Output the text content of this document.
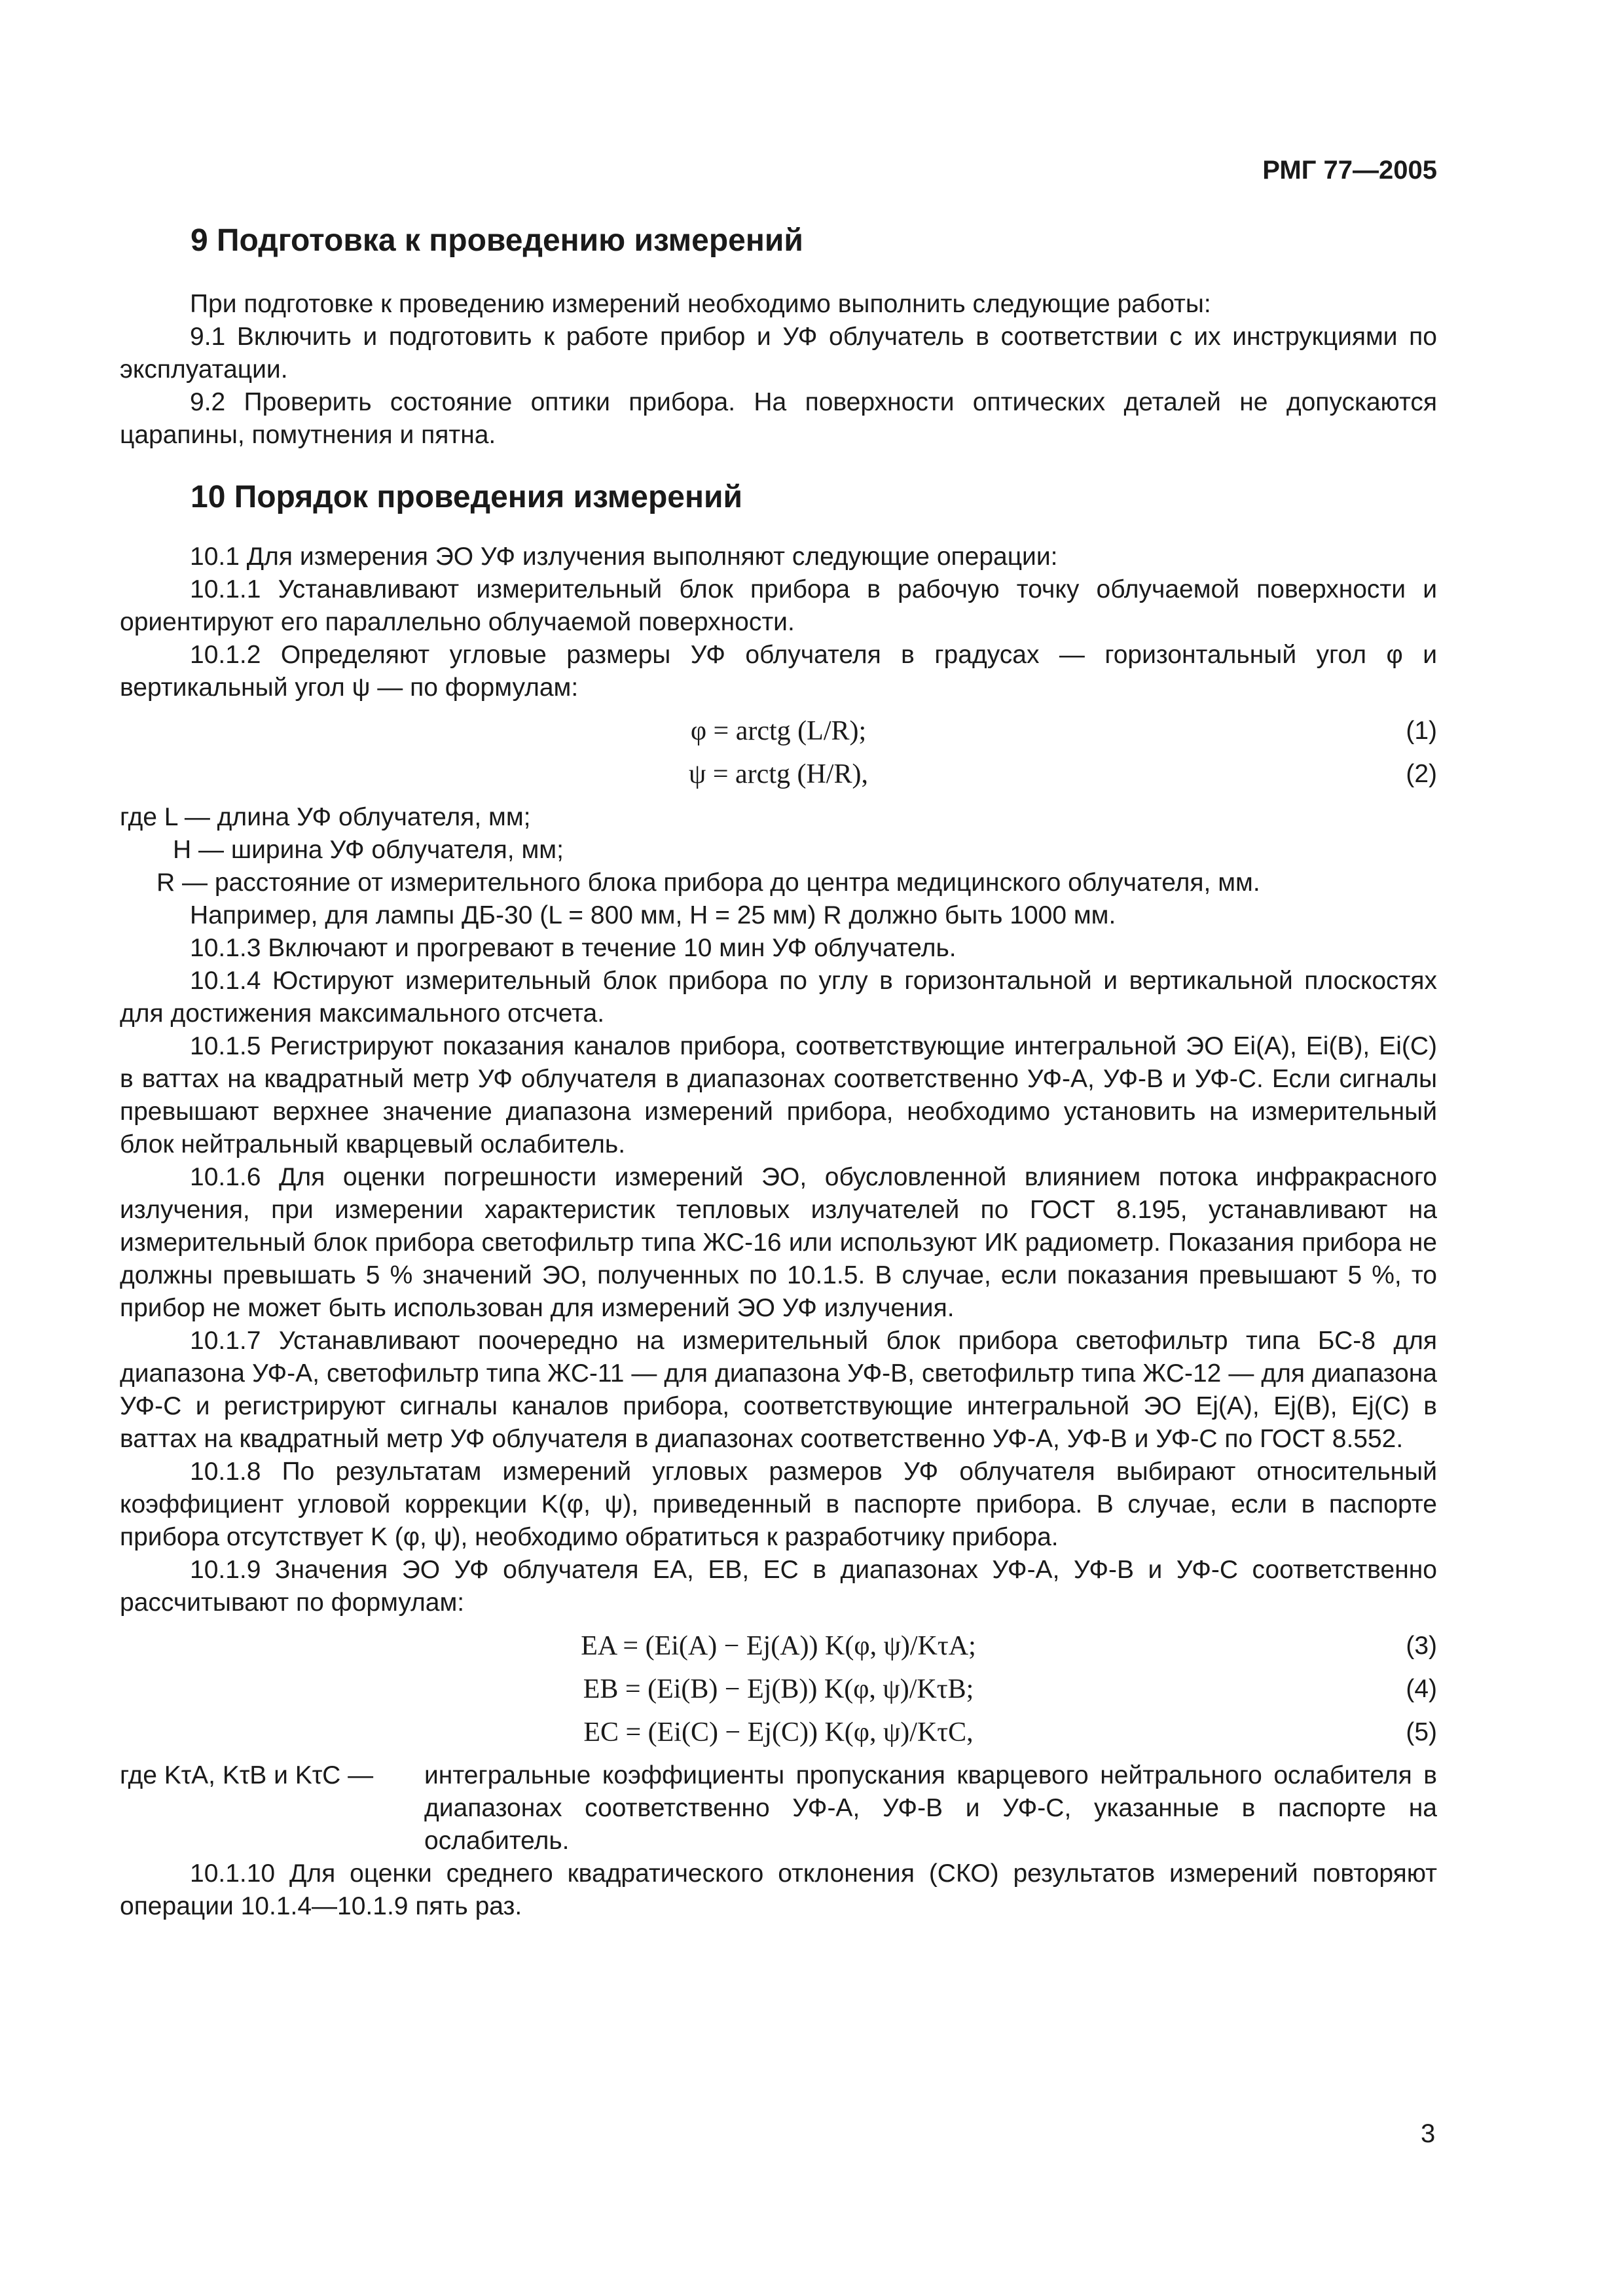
РМГ 77—2005
9 Подготовка к проведению измерений
При подготовке к проведению измерений необходимо выполнить следующие работы:
9.1 Включить и подготовить к работе прибор и УФ облучатель в соответствии с их инструкциями по эксплуатации.
9.2 Проверить состояние оптики прибора. На поверхности оптических деталей не допускаются царапины, помутнения и пятна.
10 Порядок проведения измерений
10.1 Для измерения ЭО УФ излучения выполняют следующие операции:
10.1.1 Устанавливают измерительный блок прибора в рабочую точку облучаемой поверхности и ориентируют его параллельно облучаемой поверхности.
10.1.2 Определяют угловые размеры УФ облучателя в градусах — горизонтальный угол φ и вертикальный угол ψ — по формулам:
φ = arctg (L/R);	(1)
ψ = arctg (H/R),	(2)
где
L — длина УФ облучателя, мм;
H — ширина УФ облучателя, мм;
R — расстояние от измерительного блока прибора до центра медицинского облучателя, мм.
Например, для лампы ДБ-30 (L = 800 мм, H = 25 мм) R должно быть 1000 мм.
10.1.3 Включают и прогревают в течение 10 мин УФ облучатель.
10.1.4 Юстируют измерительный блок прибора по углу в горизонтальной и вертикальной плоскостях для достижения максимального отсчета.
10.1.5 Регистрируют показания каналов прибора, соответствующие интегральной ЭО Ei(A), Ei(B), Ei(C) в ваттах на квадратный метр УФ облучателя в диапазонах соответственно УФ-А, УФ-В и УФ-С. Если сигналы превышают верхнее значение диапазона измерений прибора, необходимо установить на измерительный блок нейтральный кварцевый ослабитель.
10.1.6 Для оценки погрешности измерений ЭО, обусловленной влиянием потока инфракрасного излучения, при измерении характеристик тепловых излучателей по ГОСТ 8.195, устанавливают на измерительный блок прибора светофильтр типа ЖС-16 или используют ИК радиометр. Показания прибора не должны превышать 5 % значений ЭО, полученных по 10.1.5. В случае, если показания превышают 5 %, то прибор не может быть использован для измерений ЭО УФ излучения.
10.1.7 Устанавливают поочередно на измерительный блок прибора светофильтр типа БС-8 для диапазона УФ-А, светофильтр типа ЖС-11 — для диапазона УФ-В, светофильтр типа ЖС-12 — для диапазона УФ-С и регистрируют сигналы каналов прибора, соответствующие интегральной ЭО Ej(A), Ej(B), Ej(C) в ваттах на квадратный метр УФ облучателя в диапазонах соответственно УФ-А, УФ-В и УФ-С по ГОСТ 8.552.
10.1.8 По результатам измерений угловых размеров УФ облучателя выбирают относительный коэффициент угловой коррекции K(φ, ψ), приведенный в паспорте прибора. В случае, если в паспорте прибора отсутствует K (φ, ψ), необходимо обратиться к разработчику прибора.
10.1.9 Значения ЭО УФ облучателя EA, EB, EC в диапазонах УФ-А, УФ-В и УФ-С соответственно рассчитывают по формулам:
EA = (Ei(A) − Ej(A)) K(φ, ψ)/KτA;	(3)
EB = (Ei(B) − Ej(B)) K(φ, ψ)/KτB;	(4)
EC = (Ei(C) − Ej(C)) K(φ, ψ)/KτC,	(5)
где KτA, KτB и KτC —	интегральные коэффициенты пропускания кварцевого нейтрального ослабителя в диапазонах соответственно УФ-А, УФ-В и УФ-С, указанные в паспорте на ослабитель.
10.1.10 Для оценки среднего квадратического отклонения (СКО) результатов измерений повторяют операции 10.1.4—10.1.9 пять раз.
3
